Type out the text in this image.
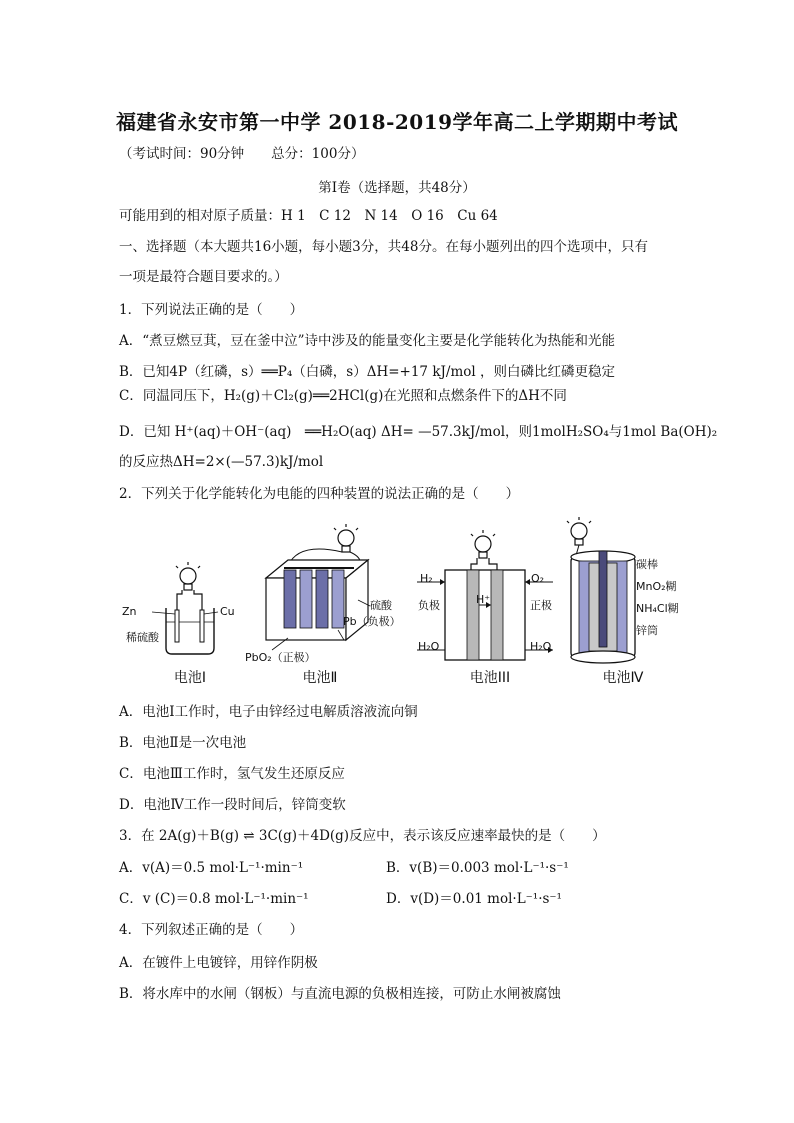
福建省永安市第一中学 2018-2019学年高二上学期期中考试
（考试时间：90分钟　　总分：100分）
第Ⅰ卷（选择题，共48分）
可能用到的相对原子质量：H 1　C 12　N 14　O 16　Cu 64
一、选择题（本大题共16小题，每小题3分，共48分。在每小题列出的四个选项中，只有
一项是最符合题目要求的。）
1．下列说法正确的是（　　）
A．“煮豆燃豆萁，豆在釜中泣”诗中涉及的能量变化主要是化学能转化为热能和光能
B．已知4P（红磷，s）══P₄（白磷，s）ΔH=+17 kJ/mol ，则白磷比红磷更稳定
C．同温同压下，H₂(g)＋Cl₂(g)══2HCl(g)在光照和点燃条件下的ΔH不同
D．已知 H⁺(aq)＋OH⁻(aq)　══H₂O(aq) ΔH= —57.3kJ/mol，则1molH₂SO₄与1mol Ba(OH)₂
的反应热ΔH=2×(—57.3)kJ/mol
2．下列关于化学能转化为电能的四种装置的说法正确的是（　　）
Zn	Cu
稀硫酸
电池Ⅰ
硫酸
Pb（负极）
PbO₂（正极）
电池Ⅱ
H₂	O₂
负极	正极
H⁺
H₂O	H₂O
电池III
碳棒
MnO₂糊
NH₄Cl糊
锌筒
电池Ⅳ
A．电池Ⅰ工作时，电子由锌经过电解质溶液流向铜
B．电池Ⅱ是一次电池
C．电池Ⅲ工作时，氢气发生还原反应
D．电池Ⅳ工作一段时间后，锌筒变软
3．在 2A(g)＋B(g) ⇌ 3C(g)＋4D(g)反应中，表示该反应速率最快的是（　　）
A．v(A)＝0.5 mol·L⁻¹·min⁻¹	B．v(B)＝0.003 mol·L⁻¹·s⁻¹
C．v (C)＝0.8 mol·L⁻¹·min⁻¹	D．v(D)＝0.01 mol·L⁻¹·s⁻¹
4．下列叙述正确的是（　　）
A．在镀件上电镀锌，用锌作阴极
B．将水库中的水闸（钢板）与直流电源的负极相连接，可防止水闸被腐蚀
